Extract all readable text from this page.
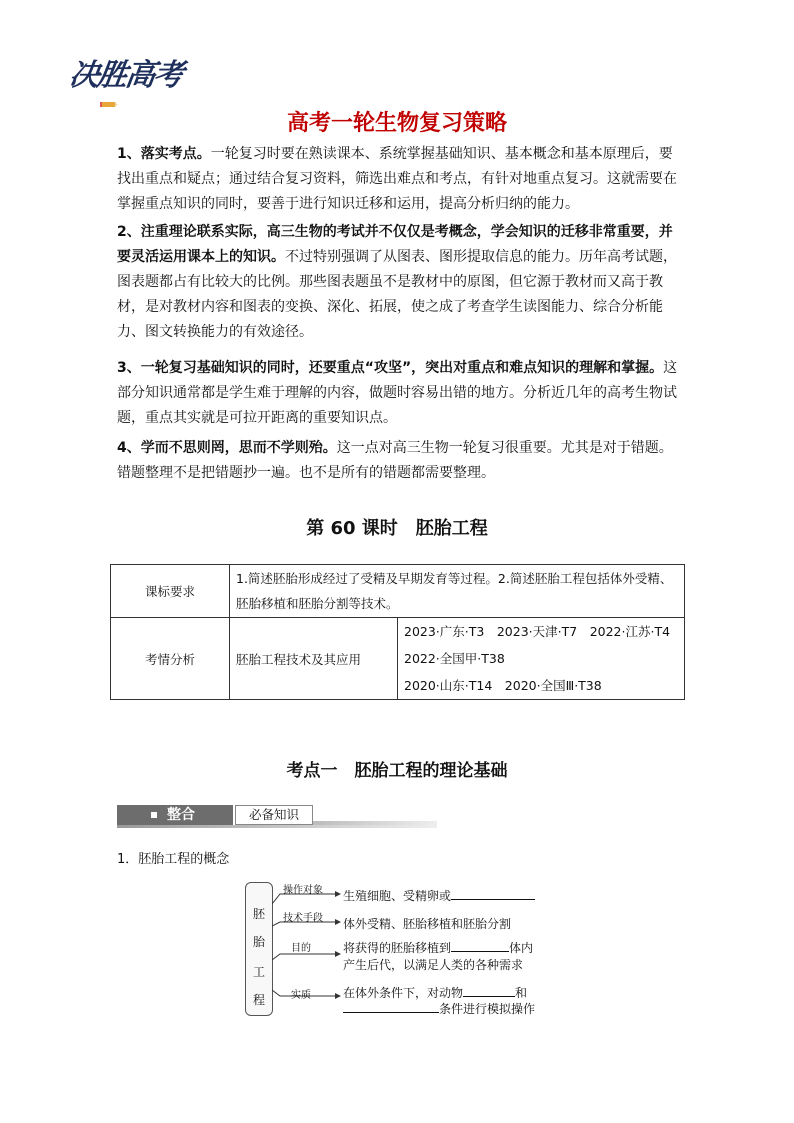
决胜高考
高考一轮生物复习策略
1、落实考点。一轮复习时要在熟读课本、系统掌握基础知识、基本概念和基本原理后，要找出重点和疑点；通过结合复习资料，筛选出难点和考点，有针对地重点复习。这就需要在掌握重点知识的同时，要善于进行知识迁移和运用，提高分析归纳的能力。
2、注重理论联系实际，高三生物的考试并不仅仅是考概念，学会知识的迁移非常重要，并要灵活运用课本上的知识。不过特别强调了从图表、图形提取信息的能力。历年高考试题，图表题都占有比较大的比例。那些图表题虽不是教材中的原图，但它源于教材而又高于教材，是对教材内容和图表的变换、深化、拓展，使之成了考查学生读图能力、综合分析能力、图文转换能力的有效途径。
3、一轮复习基础知识的同时，还要重点“攻坚”，突出对重点和难点知识的理解和掌握。这部分知识通常都是学生难于理解的内容，做题时容易出错的地方。分析近几年的高考生物试题，重点其实就是可拉开距离的重要知识点。
4、学而不思则罔，思而不学则殆。这一点对高三生物一轮复习很重要。尤其是对于错题。错题整理不是把错题抄一遍。也不是所有的错题都需要整理。
第 60 课时　胚胎工程
课标要求	1.简述胚胎形成经过了受精及早期发育等过程。2.简述胚胎工程包括体外受精、胚胎移植和胚胎分割等技术。	
考情分析	胚胎工程技术及其应用	2023·广东·T3　2023·天津·T7　2022·江苏·T4
2022·全国甲·T38
2020·山东·T14　2020·全国Ⅲ·T38
考点一　胚胎工程的理论基础
整合	必备知识
1．胚胎工程的概念
胚
胎
工
程
操作对象
技术手段
目的
实质
生殖细胞、受精卵或
体外受精、胚胎移植和胚胎分割
将获得的胚胎移植到	体内
产生后代，以满足人类的各种需求
在体外条件下，对动物	和
条件进行模拟操作
